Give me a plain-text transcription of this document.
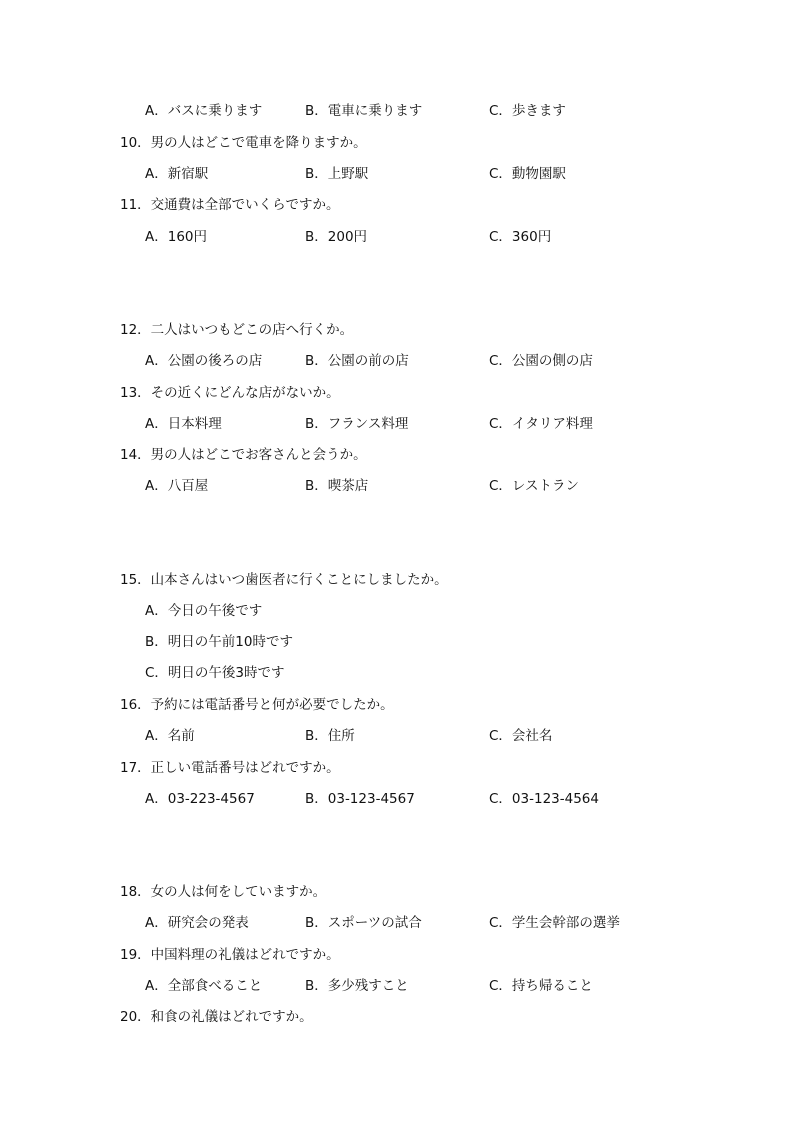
A．バスに乗ります	B．電車に乗ります	C．歩きます
10．男の人はどこで電車を降りますか。
A．新宿駅	B．上野駅	C．動物園駅
11．交通費は全部でいくらですか。
A．160円	B．200円	C．360円
12．二人はいつもどこの店へ行くか。
A．公園の後ろの店	B．公園の前の店	C．公園の側の店
13．その近くにどんな店がないか。
A．日本料理	B．フランス料理	C．イタリア料理
14．男の人はどこでお客さんと会うか。
A．八百屋	B．喫茶店	C．レストラン
15．山本さんはいつ歯医者に行くことにしましたか。
A．今日の午後です
B．明日の午前10時です
C．明日の午後3時です
16．予約には電話番号と何が必要でしたか。
A．名前	B．住所	C．会社名
17．正しい電話番号はどれですか。
A．03-223-4567	B．03-123-4567	C．03-123-4564
18．女の人は何をしていますか。
A．研究会の発表	B．スポーツの試合	C．学生会幹部の選挙
19．中国料理の礼儀はどれですか。
A．全部食べること	B．多少残すこと	C．持ち帰ること
20．和食の礼儀はどれですか。
